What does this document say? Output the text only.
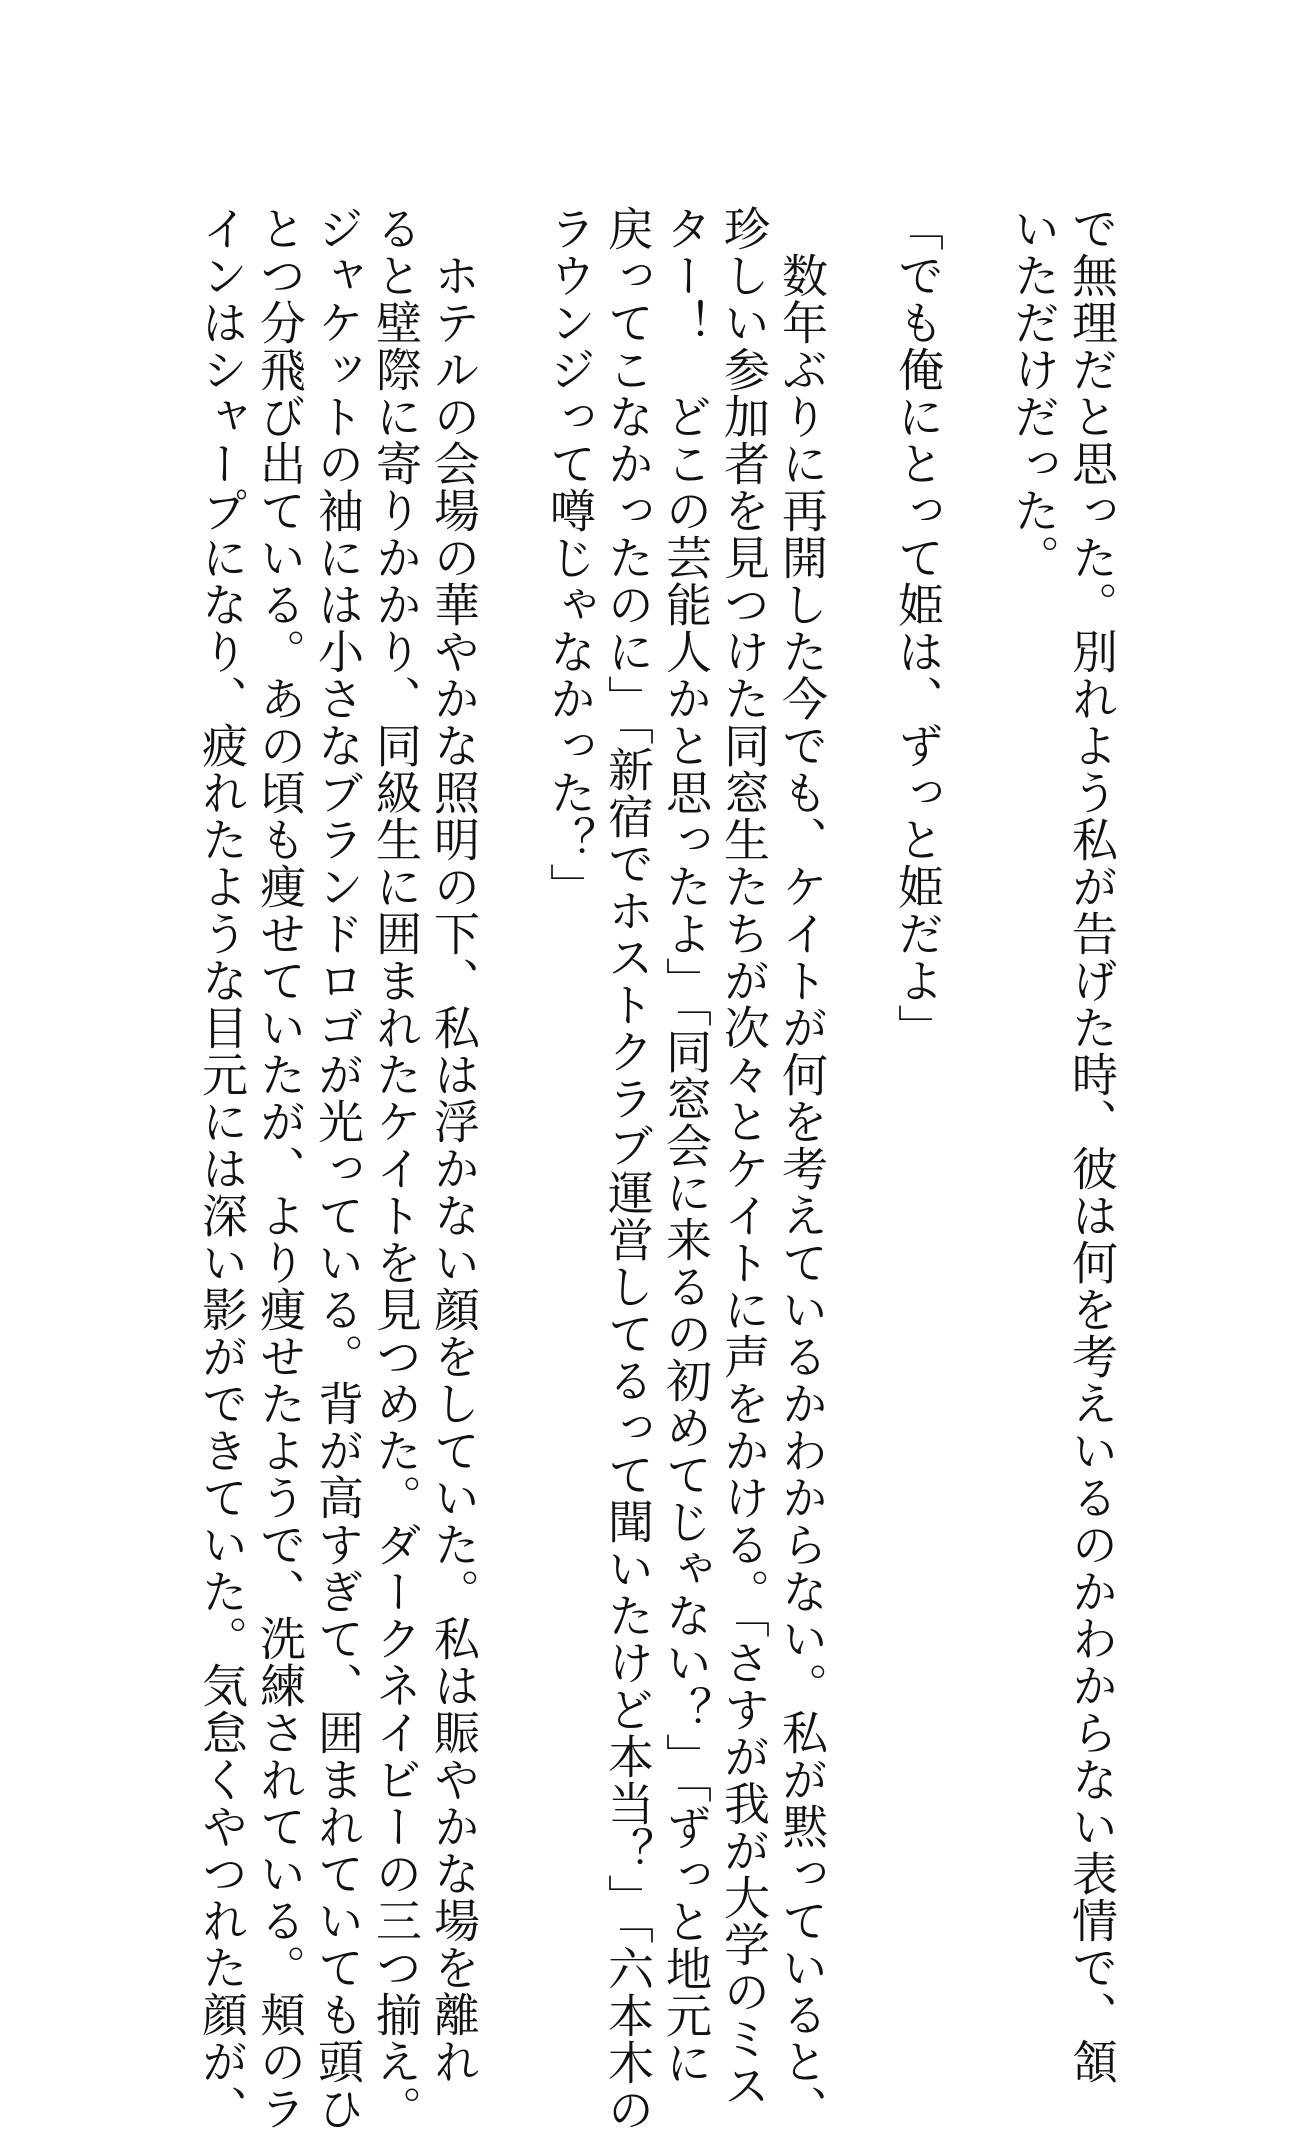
で無理だと思った。別れよう私が告げた時、彼は何を考えいるのかわからない表情で、頷

いただけだった。

「でも俺にとって姫は、ずっと姫だよ」

　数年ぶりに再開した今でも、ケイトが何を考えているかわからない。私が黙っていると、

珍しい参加者を見つけた同窓生たちが次々とケイトに声をかける。「さすが我が大学のミス

ター！　どこの芸能人かと思ったよ」「同窓会に来るの初めてじゃない？」「ずっと地元に

戻ってこなかったのに」「新宿でホストクラブ運営してるって聞いたけど本当？」「六本木の

ラウンジって噂じゃなかった？」

　ホテルの会場の華やかな照明の下、私は浮かない顔をしていた。私は賑やかな場を離れ

ると壁際に寄りかかり、同級生に囲まれたケイトを見つめた。ダークネイビーの三つ揃え。

ジャケットの袖には小さなブランドロゴが光っている。背が高すぎて、囲まれていても頭ひ

とつ分飛び出ている。あの頃も痩せていたが、より痩せたようで、洗練されている。頬のラ

インはシャープになり、疲れたような目元には深い影ができていた。気怠くやつれた顔が、
